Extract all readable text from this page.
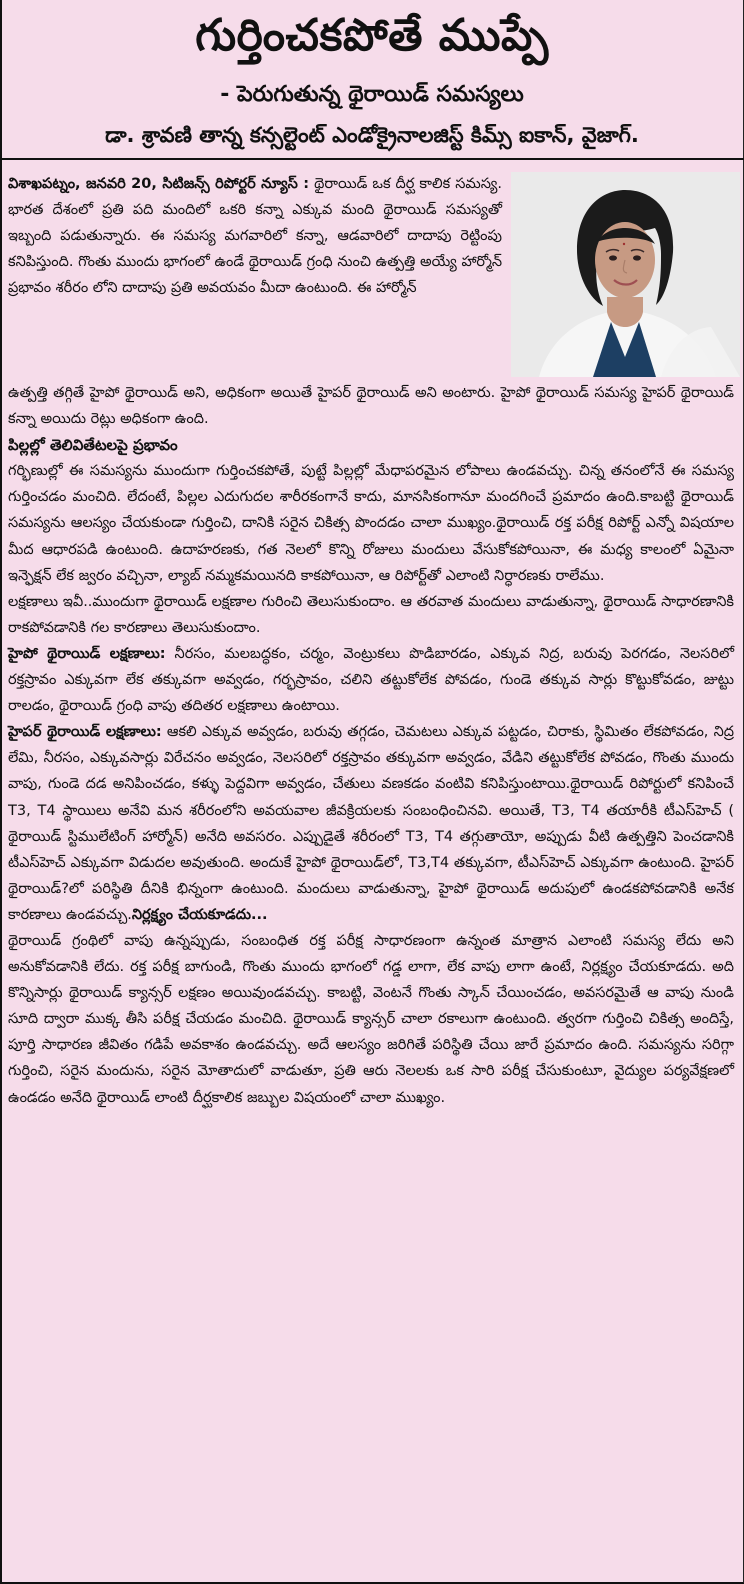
గుర్తించకపోతే ముప్పే
- పెరుగుతున్న థైరాయిడ్ సమస్యలు
డా. శ్రావణి తాన్న కన్సల్టెంట్ ఎండోక్రైనాలజిస్ట్ కిమ్స్ ఐకాన్, వైజాగ్.

విశాఖపట్నం, జనవరి 20, సిటిజన్స్ రిపోర్టర్ న్యూస్ : థైరాయిడ్ ఒక దీర్ఘ కాలిక సమస్య. భారత దేశంలో ప్రతి పది మందిలో ఒకరి కన్నా ఎక్కువ మంది థైరాయిడ్ సమస్యతో ఇబ్బంది పడుతున్నారు. ఈ సమస్య మగవారిలో కన్నా, ఆడవారిలో దాదాపు రెట్టింపు కనిపిస్తుంది. గొంతు ముందు భాగంలో ఉండే థైరాయిడ్ గ్రంధి నుంచి ఉత్పత్తి అయ్యే హార్మోన్ ప్రభావం శరీరం లోని దాదాపు ప్రతి అవయవం మీదా ఉంటుంది. ఈ హార్మోన్

ఉత్పత్తి తగ్గితే హైపో థైరాయిడ్ అని, అధికంగా అయితే హైపర్ థైరాయిడ్ అని అంటారు. హైపో థైరాయిడ్ సమస్య హైపర్ థైరాయిడ్ కన్నా అయిదు రెట్లు అధికంగా ఉంది.

పిల్లల్లో తెలివితేటలపై ప్రభావం

గర్భిణుల్లో ఈ సమస్యను ముందుగా గుర్తించకపోతే, పుట్టే పిల్లల్లో మేధాపరమైన లోపాలు ఉండవచ్చు. చిన్న తనంలోనే ఈ సమస్య గుర్తించడం మంచిది. లేదంటే, పిల్లల ఎదుగుదల శారీరకంగానే కాదు, మానసికంగానూ మందగించే ప్రమాదం ఉంది.కాబట్టి థైరాయిడ్ సమస్యను ఆలస్యం చేయకుండా గుర్తించి, దానికి సరైన చికిత్స పొందడం చాలా ముఖ్యం.థైరాయిడ్ రక్త పరీక్ష రిపోర్ట్ ఎన్నో విషయాల మీద ఆధారపడి ఉంటుంది. ఉదాహరణకు, గత నెలలో కొన్ని రోజులు మందులు వేసుకోకపోయినా, ఈ మధ్య కాలంలో ఏమైనా ఇన్ఫెక్షన్ లేక జ్వరం వచ్చినా, ల్యాబ్ నమ్మకమయినది కాకపోయినా, ఆ రిపోర్ట్‌తో ఎలాంటి నిర్ధారణకు రాలేము.

లక్షణాలు ఇవీ..ముందుగా థైరాయిడ్ లక్షణాల గురించి తెలుసుకుందాం. ఆ తరవాత మందులు వాడుతున్నా, థైరాయిడ్ సాధారణానికి రాకపోవడానికి గల కారణాలు తెలుసుకుందాం.

హైపో థైరాయిడ్ లక్షణాలు: నీరసం, మలబద్ధకం, చర్మం, వెంట్రుకలు పొడిబారడం, ఎక్కువ నిద్ర, బరువు పెరగడం, నెలసరిలో రక్తస్రావం ఎక్కువగా లేక తక్కువగా అవ్వడం, గర్భస్రావం, చలిని తట్టుకోలేక పోవడం, గుండె తక్కువ సార్లు కొట్టుకోవడం, జుట్టు రాలడం, థైరాయిడ్ గ్రంధి వాపు తదితర లక్షణాలు ఉంటాయి.

హైపర్ థైరాయిడ్ లక్షణాలు: ఆకలి ఎక్కువ అవ్వడం, బరువు తగ్గడం, చెమటలు ఎక్కువ పట్టడం, చిరాకు, స్థిమితం లేకపోవడం, నిద్ర లేమి, నీరసం, ఎక్కువసార్లు విరేచనం అవ్వడం, నెలసరిలో రక్తస్రావం తక్కువగా అవ్వడం, వేడిని తట్టుకోలేక పోవడం, గొంతు ముందు వాపు, గుండె దడ అనిపించడం, కళ్ళు పెద్దవిగా అవ్వడం, చేతులు వణకడం వంటివి కనిపిస్తుంటాయి.థైరాయిడ్ రిపోర్టులో కనిపించే T3, T4 స్థాయిలు అనేవి మన శరీరంలోని అవయవాల జీవక్రియలకు సంబంధించినవి. అయితే, T3, T4 తయారీకి టీఎస్‌హెచ్ ( థైరాయిడ్ స్టిములేటింగ్ హార్మోన్) అనేది అవసరం. ఎప్పుడైతే శరీరంలో T3, T4 తగ్గుతాయో, అప్పుడు వీటి ఉత్పత్తిని పెంచడానికి టీఎస్‌హెచ్ ఎక్కువగా విడుదల అవుతుంది. అందుకే హైపో థైరాయిడ్‌లో, T3,T4 తక్కువగా, టీఎస్‌హెచ్ ఎక్కువగా ఉంటుంది. హైపర్ థైరాయిడ్?లో పరిస్థితి దీనికి భిన్నంగా ఉంటుంది. మందులు వాడుతున్నా, హైపో థైరాయిడ్ అదుపులో ఉండకపోవడానికి అనేక కారణాలు ఉండవచ్చు.నిర్లక్ష్యం చేయకూడదు...

థైరాయిడ్ గ్రంథిలో వాపు ఉన్నప్పుడు, సంబంధిత రక్త పరీక్ష సాధారణంగా ఉన్నంత మాత్రాన ఎలాంటి సమస్య లేదు అని అనుకోవడానికి లేదు. రక్త పరీక్ష బాగుండి, గొంతు ముందు భాగంలో గడ్డ లాగా, లేక వాపు లాగా ఉంటే, నిర్లక్ష్యం చేయకూడదు. అది కొన్నిసార్లు థైరాయిడ్ క్యాన్సర్ లక్షణం అయివుండవచ్చు. కాబట్టి, వెంటనే గొంతు స్కాన్ చేయించడం, అవసరమైతే ఆ వాపు నుండి సూది ద్వారా ముక్క తీసి పరీక్ష చేయడం మంచిది. థైరాయిడ్ క్యాన్సర్ చాలా రకాలుగా ఉంటుంది. త్వరగా గుర్తించి చికిత్స అందిస్తే, పూర్తి సాధారణ జీవితం గడిపే అవకాశం ఉండవచ్చు. అదే ఆలస్యం జరిగితే పరిస్థితి చేయి జారే ప్రమాదం ఉంది. సమస్యను సరిగ్గా గుర్తించి, సరైన మందును, సరైన మోతాదులో వాడుతూ, ప్రతి ఆరు నెలలకు ఒక సారి పరీక్ష చేసుకుంటూ, వైద్యుల పర్యవేక్షణలో ఉండడం అనేది థైరాయిడ్ లాంటి దీర్ఘకాలిక జబ్బుల విషయంలో చాలా ముఖ్యం.
